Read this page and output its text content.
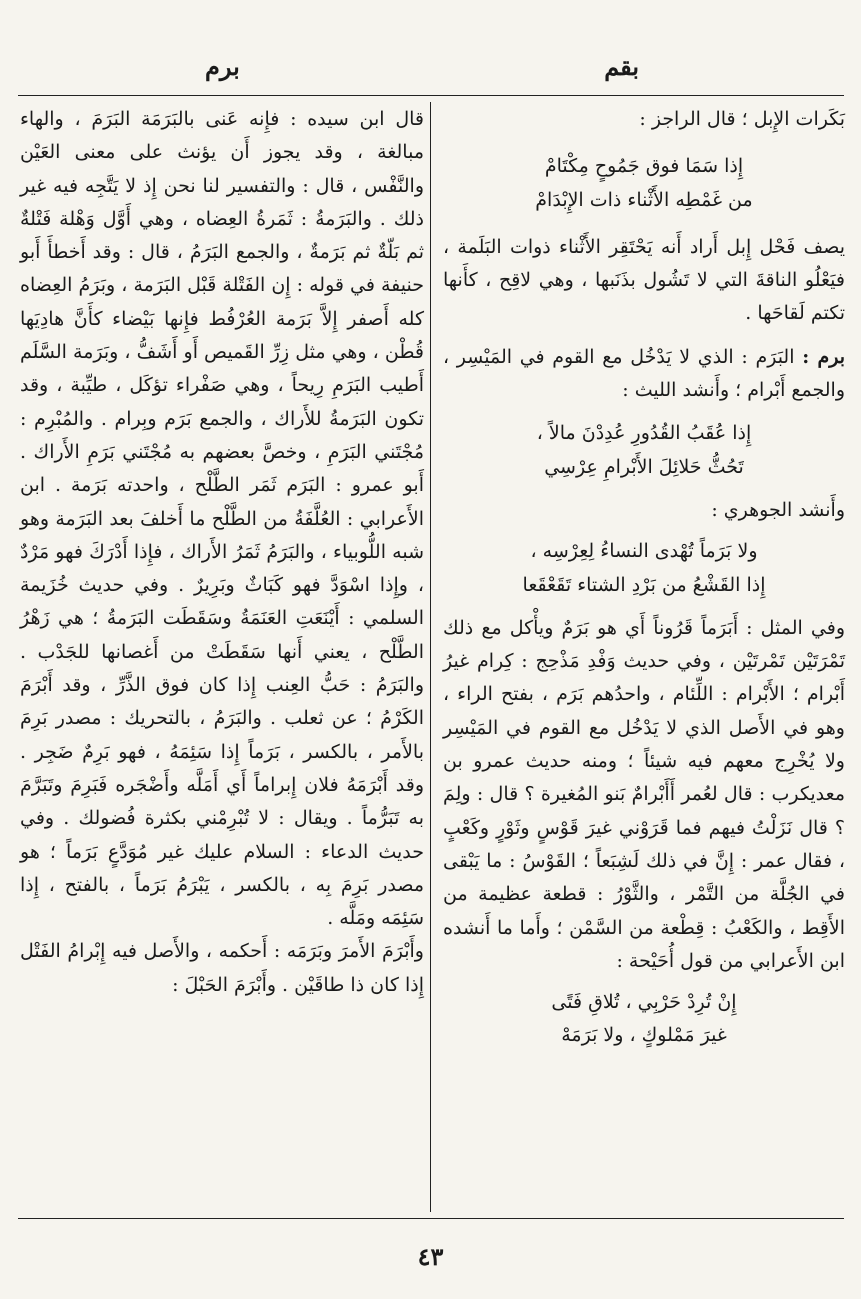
بقم
برم

بَكَرات الإِبل ؛ قال الراجز :

إِذا سَمَا فوق جَمُوحٍ مِكْتَامْ

من غَمْطِه الأَثْناء ذات الإِبْدَامْ

يصف فَحْل إِبل أَراد أَنه يَحْتَقِر الأَثْناء ذوات البَلَمة ، فيَعْلُو الناقةَ التي لا تَشُول بذَنَبها ، وهي لاقِح ، كأَنها تكتم لَقاحَها .

برم : البَرَم : الذي لا يَدْخُل مع القوم في المَيْسِر ، والجمع أَبْرام ؛ وأَنشد الليث :

إِذا عُقَبُ القُدُورِ عُدِدْنَ مالاً ،

تَحُثُّ حَلائِلَ الأَبْرامِ عِرْسِي

وأَنشد الجوهري :

ولا بَرَماً تُهْدى النساءُ لِعِرْسِه ،

إِذا القَشْعُ من بَرْدِ الشتاء تَقَعْقَعا

وفي المثل : أَبَرَماً قَرُوناً أَي هو بَرَمٌ ويأْكل مع ذلك تَمْرَتَيْن تَمْرتَيْن ، وفي حديث وَفْدِ مَذْحِج : كِرام غيرُ أَبْرام ؛ الأَبْرام : اللِّئام ، واحدُهم بَرَم ، بفتح الراء ، وهو في الأَصل الذي لا يَدْخُل مع القوم في المَيْسِر ولا يُخْرِج معهم فيه شيئاً ؛ ومنه حديث عمرو بن معديكرب : قال لعُمر أَأَبْرامٌ بَنو المُغيرة ؟ قال : ولِمَ ؟ قال نَزَلْتُ فيهم فما قَرَوْني غيرَ قَوْسٍ وثَوْرٍ وكَعْبٍ ، فقال عمر : إِنَّ في ذلك لَشِبَعاً ؛ القَوْسُ : ما يَبْقى في الجُلَّة من التَّمْر ، والثَّوْرُ : قطعة عظيمة من الأَقِط ، والكَعْبُ : قِطْعة من السَّمْن ؛ وأَما ما أَنشده ابن الأَعرابي من قول أُحَيْحة :

إِنْ تُرِدْ حَرْبِي ، تُلاقِ فَتًى

غيرَ مَمْلوكٍ ، ولا بَرَمَهْ

قال ابن سيده : فإِنه عَنى بالبَرَمَة البَرَمَ ، والهاء مبالغة ، وقد يجوز أَن يؤنث على معنى العَيْن والنَّفْس ، قال : والتفسير لنا نحن إِذ لا يَتَّجِه فيه غير ذلك . والبَرَمةُ : ثَمَرةُ العِضاه ، وهي أَوَّل وَهْلة فَتْلةٌ ثم بَلّةٌ ثم بَرَمةٌ ، والجمع البَرَمُ ، قال : وقد أَخطأَ أَبو حنيفة في قوله : إِن الفَتْلة قَبْل البَرَمة ، وبَرَمُ العِضاه كله أَصفر إِلاَّ بَرَمة العُرْفُط فإِنها بَيْضاء كأَنَّ هادِيَها قُطْن ، وهي مثل زِرِّ القَميص أَو أَشَفُّ ، وبَرَمة السَّلَم أَطيب البَرَمِ رِيحاً ، وهي صَفْراء تؤكَل ، طيِّبة ، وقد تكون البَرَمةُ للأَراك ، والجمع بَرَم وبِرام . والمُبْرِم : مُجْتَني البَرَمِ ، وخصَّ بعضهم به مُجْتَني بَرَمِ الأَراك . أَبو عمرو : البَرَم ثَمَر الطَّلْح ، واحدته بَرَمة . ابن الأَعرابي : العُلَّفَةُ من الطَّلْح ما أَخلفَ بعد البَرَمة وهو شبه اللُّوبياء ، والبَرَمُ ثَمَرُ الأَراك ، فإِذا أَدْرَكَ فهو مَرْدٌ ، وإِذا اسْوَدَّ فهو كَبَاثٌ وبَرِيرٌ . وفي حديث خُزَيمة السلمي : أَيْنَعَتِ العَنَمَةُ وسَقَطَت البَرَمةُ ؛ هي زَهْرُ الطَّلْح ، يعني أَنها سَقَطَتْ من أَغصانها للجَدْب . والبَرَمُ : حَبُّ العِنب إِذا كان فوق الذَّرِّ ، وقد أَبْرَمَ الكَرْمُ ؛ عن ثعلب . والبَرَمُ ، بالتحريك : مصدر بَرِمَ بالأَمر ، بالكسر ، بَرَماً إِذا سَئِمَهُ ، فهو بَرِمٌ ضَجِر . وقد أَبْرَمَهُ فلان إِبراماً أَي أَمَلَّه وأَضْجَره فَبَرِمَ وتَبَرَّمَ به تَبَرُّماً . ويقال : لا تُبْرِمْني بكثرة فُضولك . وفي حديث الدعاء : السلام عليك غير مُوَدَّعٍ بَرَماً ؛ هو مصدر بَرِمَ بِه ، بالكسر ، يَبْرَمُ بَرَماً ، بالفتح ، إِذا سَئِمَه ومَلَّه .

وأَبْرَمَ الأَمرَ وبَرَمَه : أَحكمه ، والأَصل فيه إِبْرامُ الفَتْل إِذا كان ذا طاقَيْن . وأَبْرَمَ الحَبْلَ :

٤٣
